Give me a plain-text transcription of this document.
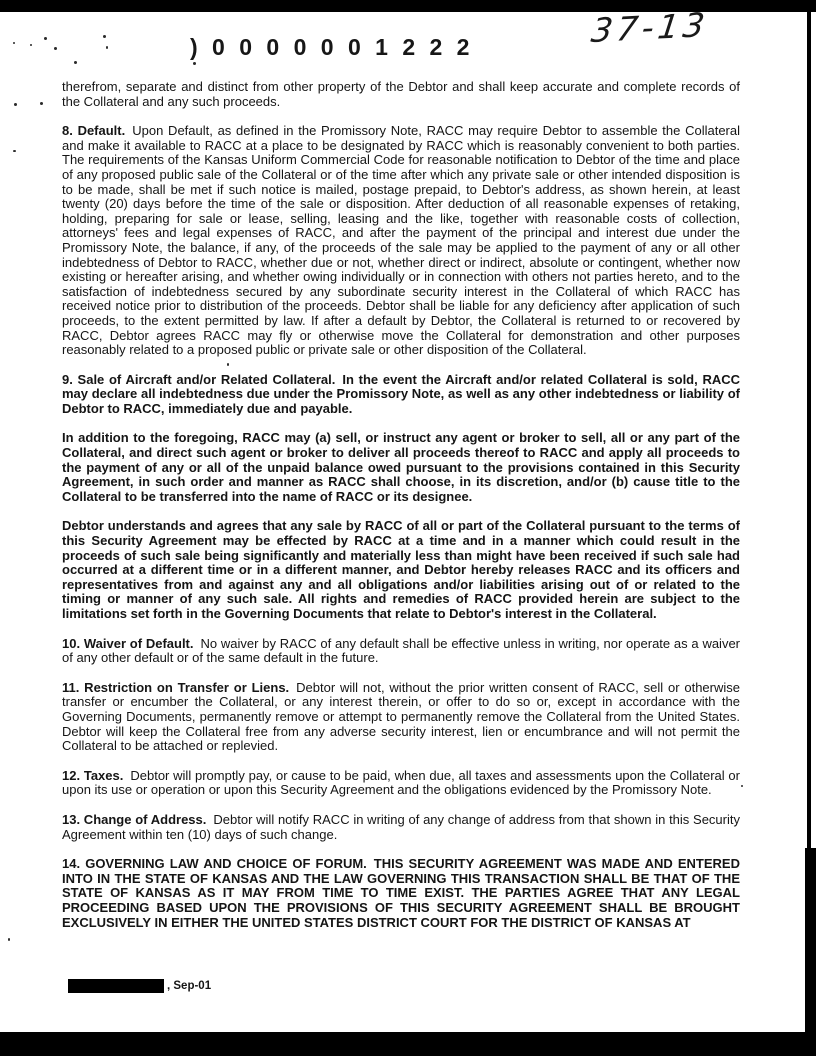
) 0 0 0 0 0 0 1 2 2 2	37-13

therefrom, separate and distinct from other property of the Debtor and shall keep accurate and complete records of the Collateral and any such proceeds.

8. Default. Upon Default, as defined in the Promissory Note, RACC may require Debtor to assemble the Collateral and make it available to RACC at a place to be designated by RACC which is reasonably convenient to both parties. The requirements of the Kansas Uniform Commercial Code for reasonable notification to Debtor of the time and place of any proposed public sale of the Collateral or of the time after which any private sale or other intended disposition is to be made, shall be met if such notice is mailed, postage prepaid, to Debtor's address, as shown herein, at least twenty (20) days before the time of the sale or disposition. After deduction of all reasonable expenses of retaking, holding, preparing for sale or lease, selling, leasing and the like, together with reasonable costs of collection, attorneys' fees and legal expenses of RACC, and after the payment of the principal and interest due under the Promissory Note, the balance, if any, of the proceeds of the sale may be applied to the payment of any or all other indebtedness of Debtor to RACC, whether due or not, whether direct or indirect, absolute or contingent, whether now existing or hereafter arising, and whether owing individually or in connection with others not parties hereto, and to the satisfaction of indebtedness secured by any subordinate security interest in the Collateral of which RACC has received notice prior to distribution of the proceeds. Debtor shall be liable for any deficiency after application of such proceeds, to the extent permitted by law. If after a default by Debtor, the Collateral is returned to or recovered by RACC, Debtor agrees RACC may fly or otherwise move the Collateral for demonstration and other purposes reasonably related to a proposed public or private sale or other disposition of the Collateral.

9. Sale of Aircraft and/or Related Collateral. In the event the Aircraft and/or related Collateral is sold, RACC may declare all indebtedness due under the Promissory Note, as well as any other indebtedness or liability of Debtor to RACC, immediately due and payable.

In addition to the foregoing, RACC may (a) sell, or instruct any agent or broker to sell, all or any part of the Collateral, and direct such agent or broker to deliver all proceeds thereof to RACC and apply all proceeds to the payment of any or all of the unpaid balance owed pursuant to the provisions contained in this Security Agreement, in such order and manner as RACC shall choose, in its discretion, and/or (b) cause title to the Collateral to be transferred into the name of RACC or its designee.

Debtor understands and agrees that any sale by RACC of all or part of the Collateral pursuant to the terms of this Security Agreement may be effected by RACC at a time and in a manner which could result in the proceeds of such sale being significantly and materially less than might have been received if such sale had occurred at a different time or in a different manner, and Debtor hereby releases RACC and its officers and representatives from and against any and all obligations and/or liabilities arising out of or related to the timing or manner of any such sale. All rights and remedies of RACC provided herein are subject to the limitations set forth in the Governing Documents that relate to Debtor's interest in the Collateral.

10. Waiver of Default. No waiver by RACC of any default shall be effective unless in writing, nor operate as a waiver of any other default or of the same default in the future.

11. Restriction on Transfer or Liens. Debtor will not, without the prior written consent of RACC, sell or otherwise transfer or encumber the Collateral, or any interest therein, or offer to do so or, except in accordance with the Governing Documents, permanently remove or attempt to permanently remove the Collateral from the United States. Debtor will keep the Collateral free from any adverse security interest, lien or encumbrance and will not permit the Collateral to be attached or replevied.

12. Taxes. Debtor will promptly pay, or cause to be paid, when due, all taxes and assessments upon the Collateral or upon its use or operation or upon this Security Agreement and the obligations evidenced by the Promissory Note.

13. Change of Address. Debtor will notify RACC in writing of any change of address from that shown in this Security Agreement within ten (10) days of such change.

14. GOVERNING LAW AND CHOICE OF FORUM. THIS SECURITY AGREEMENT WAS MADE AND ENTERED INTO IN THE STATE OF KANSAS AND THE LAW GOVERNING THIS TRANSACTION SHALL BE THAT OF THE STATE OF KANSAS AS IT MAY FROM TIME TO TIME EXIST. THE PARTIES AGREE THAT ANY LEGAL PROCEEDING BASED UPON THE PROVISIONS OF THIS SECURITY AGREEMENT SHALL BE BROUGHT EXCLUSIVELY IN EITHER THE UNITED STATES DISTRICT COURT FOR THE DISTRICT OF KANSAS AT

, Sep-01
